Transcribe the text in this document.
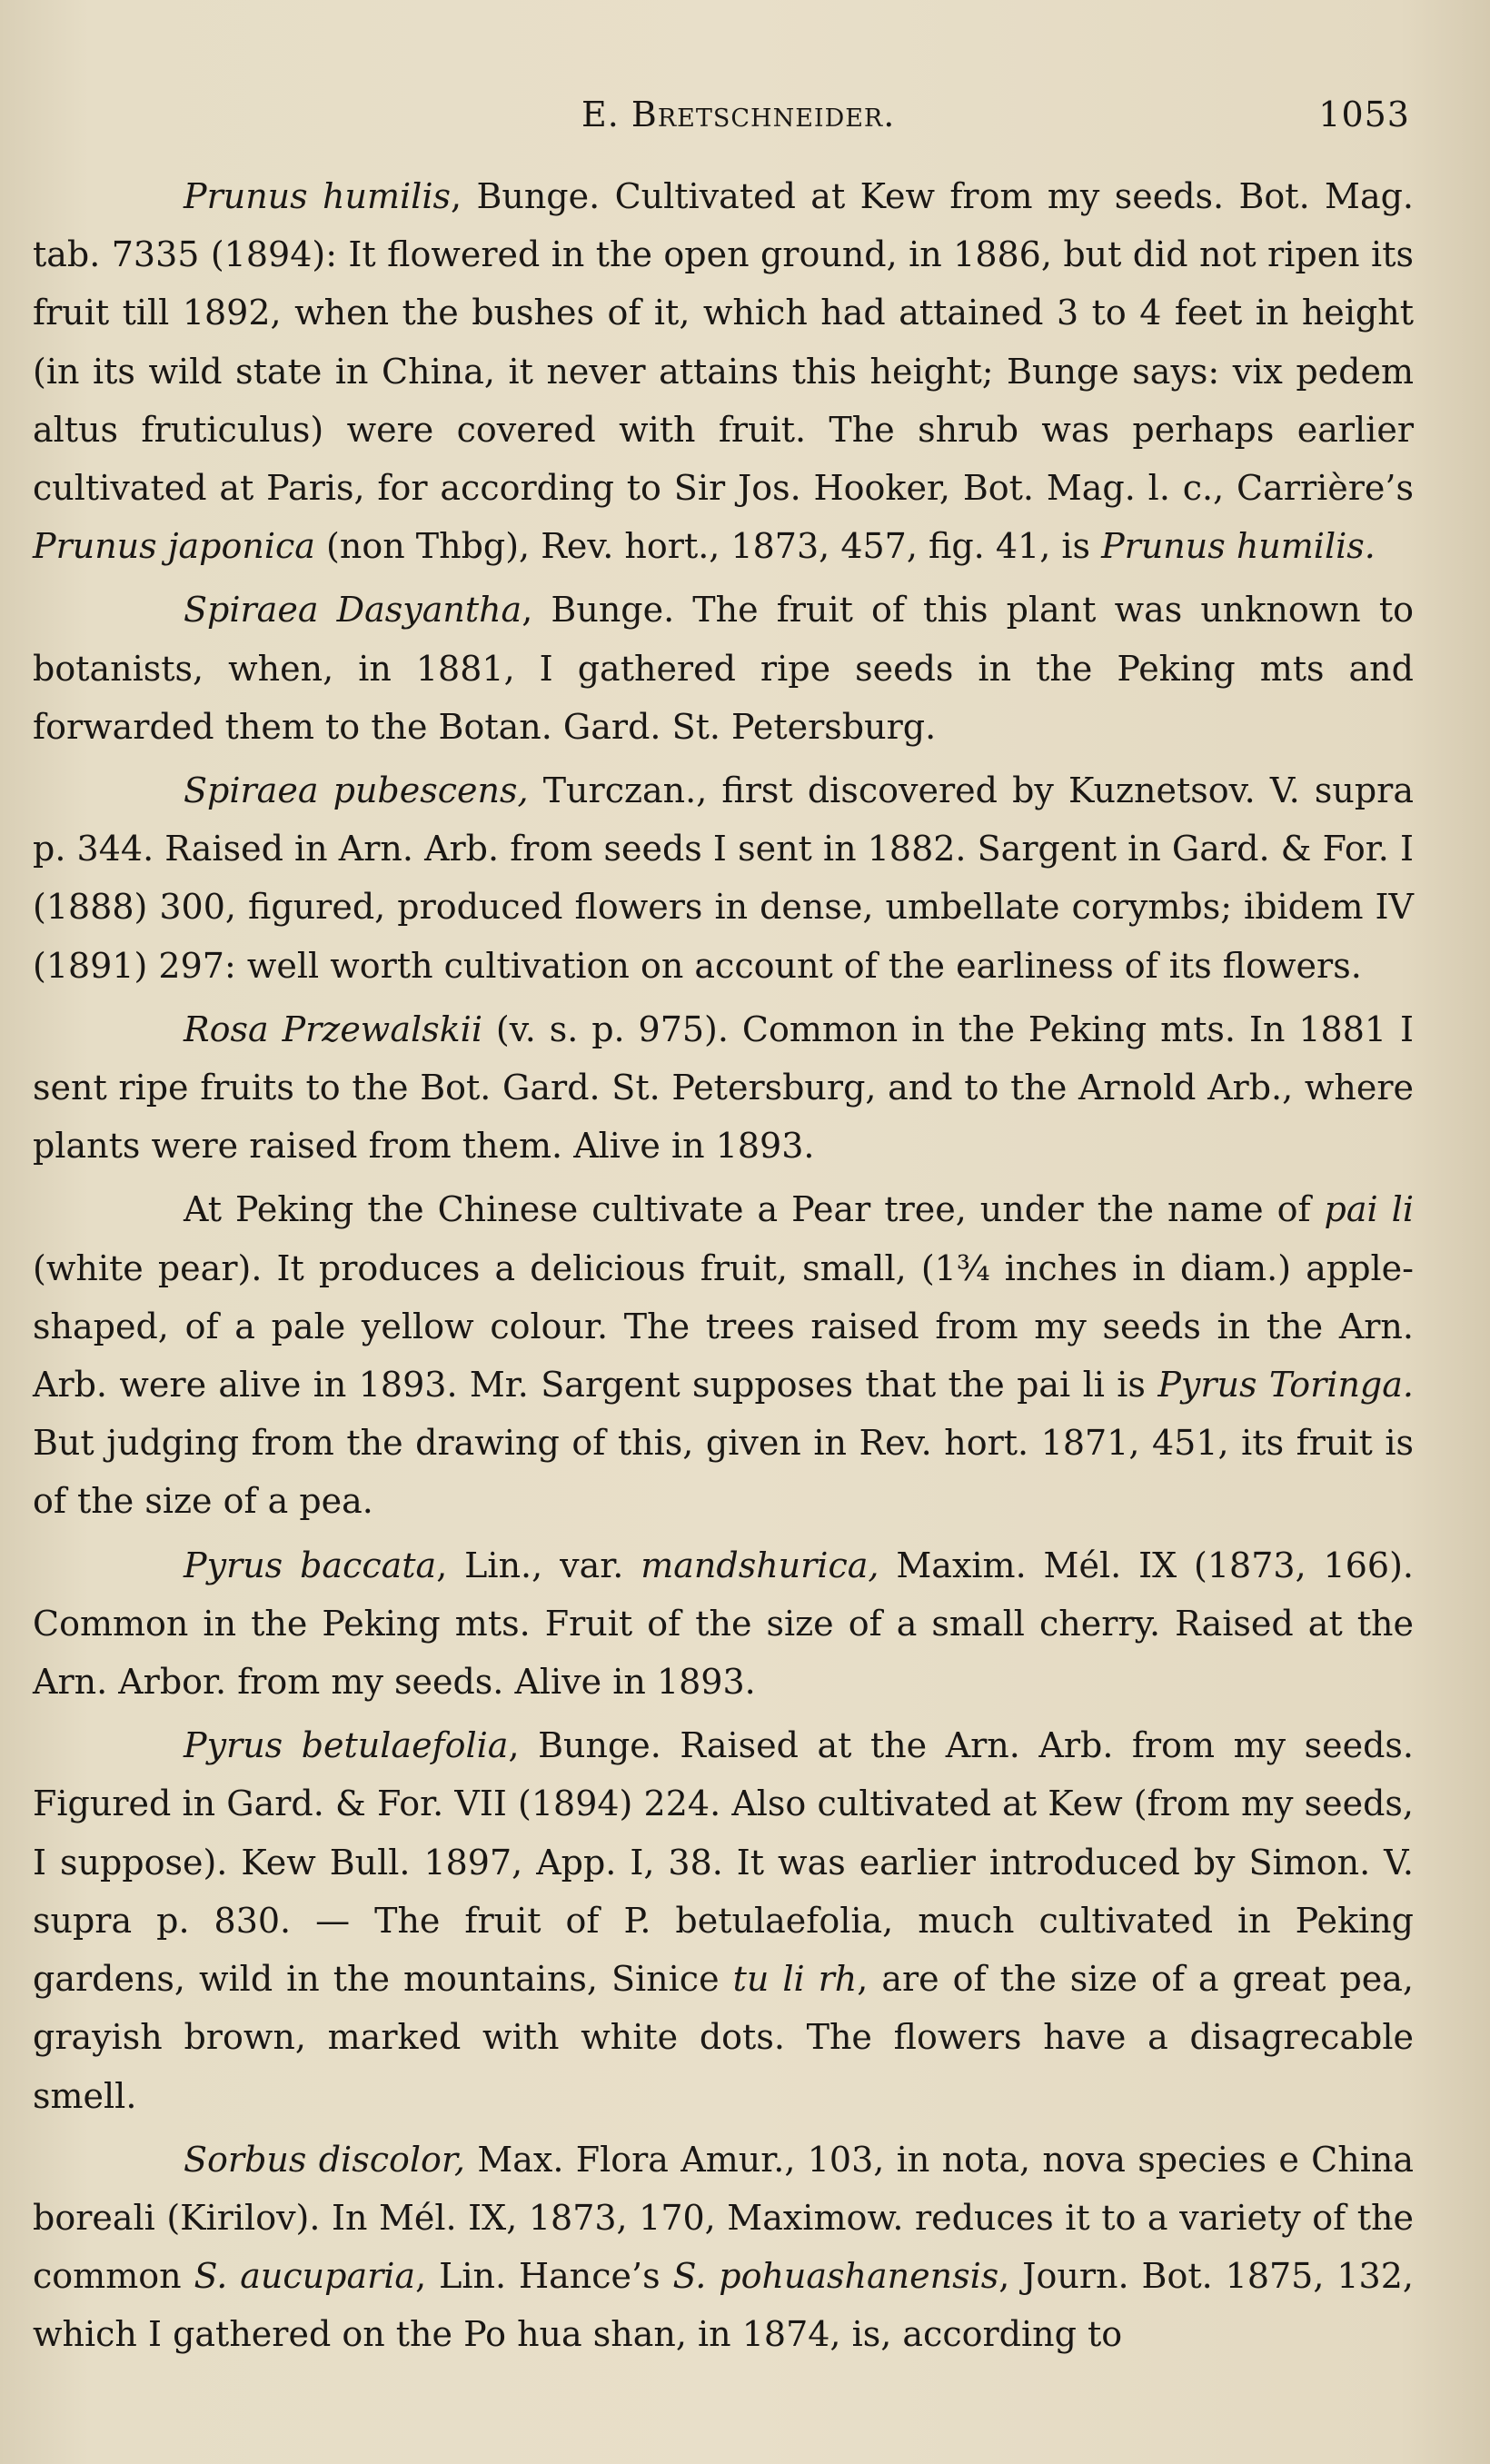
E. Bretschneider.	1053

Prunus humilis, Bunge. Cultivated at Kew from my seeds. Bot. Mag. tab. 7335 (1894): It flowered in the open ground, in 1886, but did not ripen its fruit till 1892, when the bushes of it, which had attained 3 to 4 feet in height (in its wild state in China, it never attains this height; Bunge says: vix pedem altus fruticulus) were covered with fruit. The shrub was perhaps earlier cultivated at Paris, for according to Sir Jos. Hooker, Bot. Mag. l. c., Carrière’s Prunus japonica (non Thbg), Rev. hort., 1873, 457, fig. 41, is Prunus humilis.

Spiraea Dasyantha, Bunge. The fruit of this plant was unknown to botanists, when, in 1881, I gathered ripe seeds in the Peking mts and forwarded them to the Botan. Gard. St. Petersburg.

Spiraea pubescens, Turczan., first discovered by Kuznetsov. V. supra p. 344. Raised in Arn. Arb. from seeds I sent in 1882. Sargent in Gard. & For. I (1888) 300, figured, produced flowers in dense, umbellate corymbs; ibidem IV (1891) 297: well worth cultivation on account of the earliness of its flowers.

Rosa Przewalskii (v. s. p. 975). Common in the Peking mts. In 1881 I sent ripe fruits to the Bot. Gard. St. Petersburg, and to the Arnold Arb., where plants were raised from them. Alive in 1893.

At Peking the Chinese cultivate a Pear tree, under the name of pai li (white pear). It produces a delicious fruit, small, (1¾ inches in diam.) apple-shaped, of a pale yellow colour. The trees raised from my seeds in the Arn. Arb. were alive in 1893. Mr. Sargent supposes that the pai li is Pyrus Toringa. But judging from the drawing of this, given in Rev. hort. 1871, 451, its fruit is of the size of a pea.

Pyrus baccata, Lin., var. mandshurica, Maxim. Mél. IX (1873, 166). Common in the Peking mts. Fruit of the size of a small cherry. Raised at the Arn. Arbor. from my seeds. Alive in 1893.

Pyrus betulaefolia, Bunge. Raised at the Arn. Arb. from my seeds. Figured in Gard. & For. VII (1894) 224. Also cultivated at Kew (from my seeds, I suppose). Kew Bull. 1897, App. I, 38. It was earlier introduced by Simon. V. supra p. 830. — The fruit of P. betulaefolia, much cultivated in Peking gardens, wild in the mountains, Sinice tu li rh, are of the size of a great pea, grayish brown, marked with white dots. The flowers have a disagrecable smell.

Sorbus discolor, Max. Flora Amur., 103, in nota, nova species e China boreali (Kirilov). In Mél. IX, 1873, 170, Maximow. reduces it to a variety of the common S. aucuparia, Lin. Hance’s S. pohuashanensis, Journ. Bot. 1875, 132, which I gathered on the Po hua shan, in 1874, is, according to
